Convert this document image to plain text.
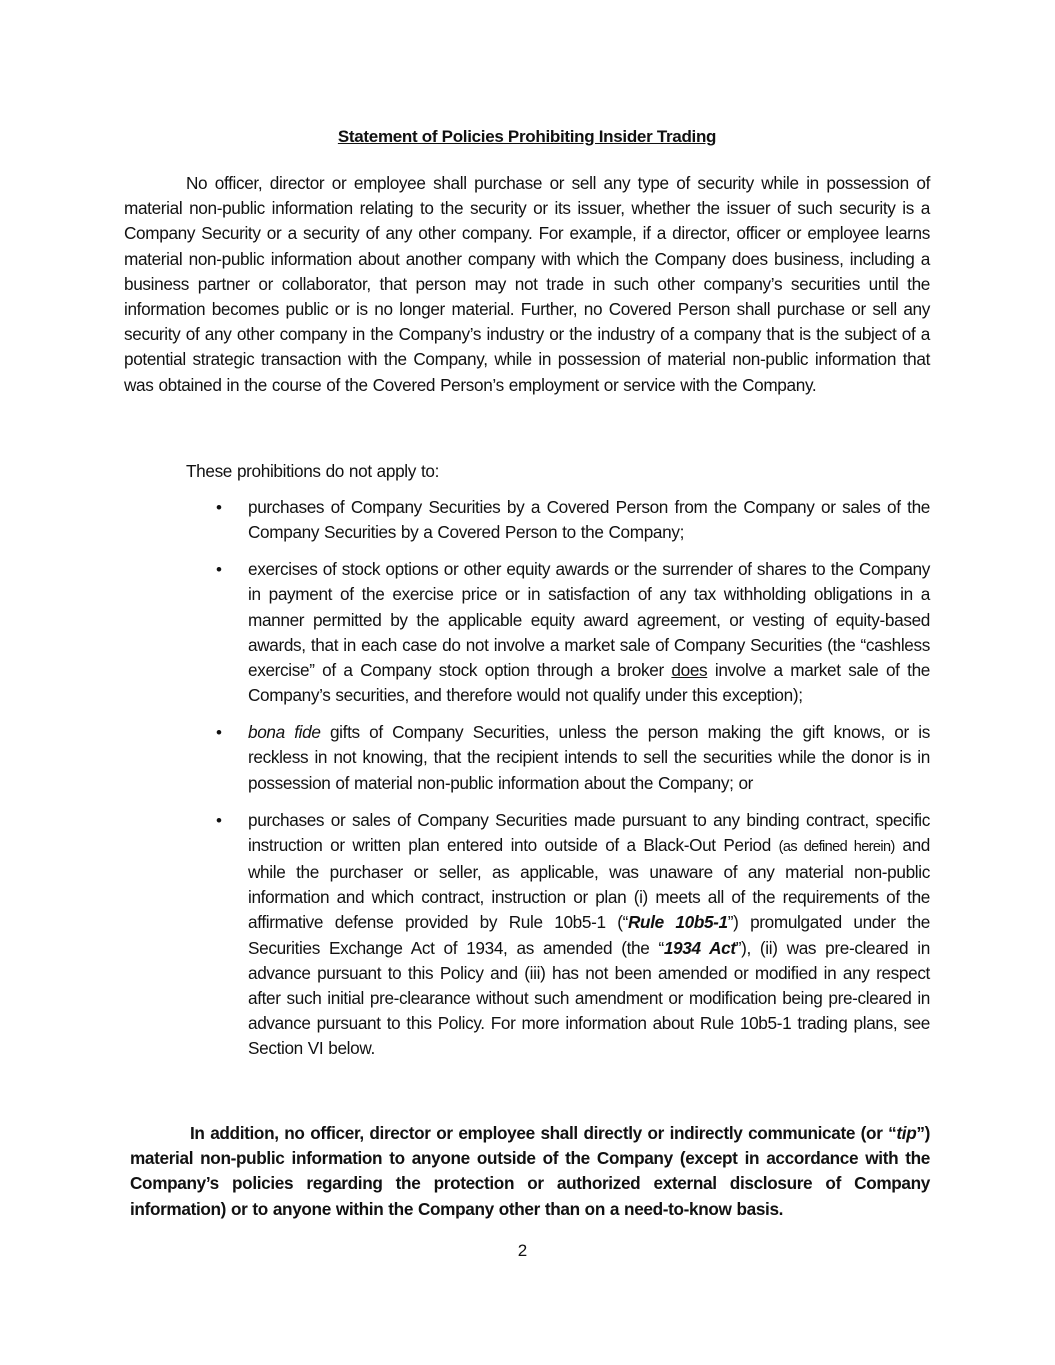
Statement of Policies Prohibiting Insider Trading

No officer, director or employee shall purchase or sell any type of security while in possession of material non-public information relating to the security or its issuer, whether the issuer of such security is a Company Security or a security of any other company. For example, if a director, officer or employee learns material non-public information about another company with which the Company does business, including a business partner or collaborator, that person may not trade in such other company’s securities until the information becomes public or is no longer material. Further, no Covered Person shall purchase or sell any security of any other company in the Company’s industry or the industry of a company that is the subject of a potential strategic transaction with the Company, while in possession of material non-public information that was obtained in the course of the Covered Person’s employment or service with the Company.

These prohibitions do not apply to:

• purchases of Company Securities by a Covered Person from the Company or sales of the Company Securities by a Covered Person to the Company;
• exercises of stock options or other equity awards or the surrender of shares to the Company in payment of the exercise price or in satisfaction of any tax withholding obligations in a manner permitted by the applicable equity award agreement, or vesting of equity-based awards, that in each case do not involve a market sale of Company Securities (the “cashless exercise” of a Company stock option through a broker does involve a market sale of the Company’s securities, and therefore would not qualify under this exception);
• bona fide gifts of Company Securities, unless the person making the gift knows, or is reckless in not knowing, that the recipient intends to sell the securities while the donor is in possession of material non-public information about the Company; or
• purchases or sales of Company Securities made pursuant to any binding contract, specific instruction or written plan entered into outside of a Black-Out Period (as defined herein) and while the purchaser or seller, as applicable, was unaware of any material non-public information and which contract, instruction or plan (i) meets all of the requirements of the affirmative defense provided by Rule 10b5-1 (“Rule 10b5-1”) promulgated under the Securities Exchange Act of 1934, as amended (the “1934 Act”), (ii) was pre-cleared in advance pursuant to this Policy and (iii) has not been amended or modified in any respect after such initial pre-clearance without such amendment or modification being pre-cleared in advance pursuant to this Policy. For more information about Rule 10b5-1 trading plans, see Section VI below.

In addition, no officer, director or employee shall directly or indirectly communicate (or “tip”) material non-public information to anyone outside of the Company (except in accordance with the Company’s policies regarding the protection or authorized external disclosure of Company information) or to anyone within the Company other than on a need-to-know basis.

2
